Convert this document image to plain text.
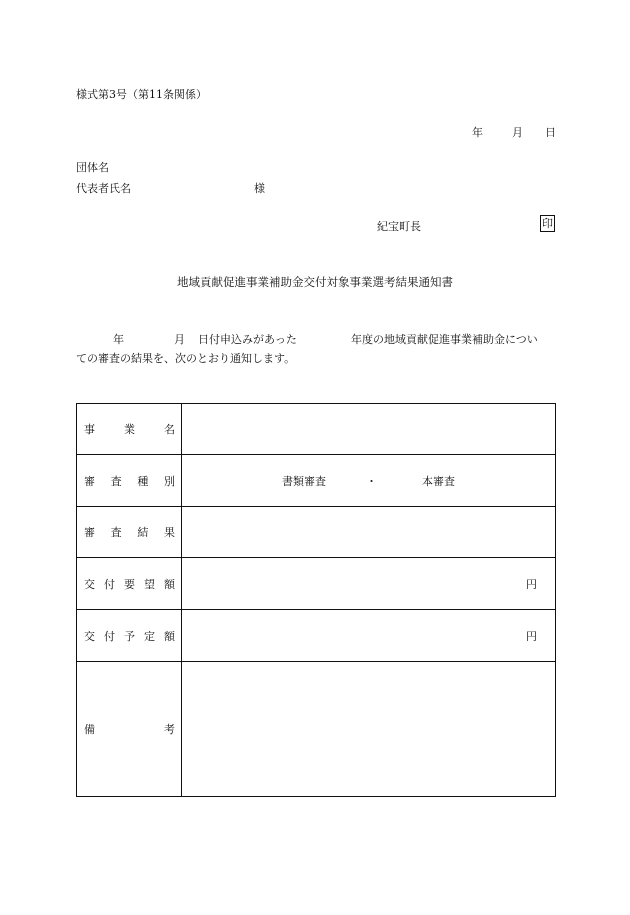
様式第3号（第11条関係）
年	月 日
団体名
代表者氏名	様
紀宝町長	印
地域貢献促進事業補助金交付対象事業選考結果通知書
年	月 日付申込みがあった	年度の地域貢献促進事業補助金につい
ての審査の結果を、次のとおり通知します。
事 業 名	

審 査 種 別	書類審査 ・ 本審査

審 査 結 果	

交 付 要 望 額	円

交 付 予 定 額	円

備 考	
